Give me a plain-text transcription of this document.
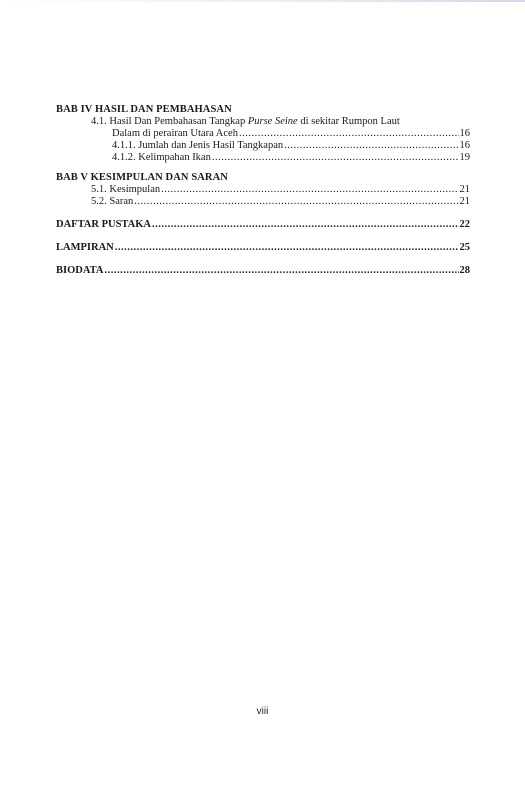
BAB IV HASIL DAN PEMBAHASAN
4.1. Hasil Dan Pembahasan Tangkap Purse Seine di sekitar Rumpon Laut
Dalam di perairan Utara Aceh .....	16
4.1.1. Jumlah dan Jenis Hasil Tangkapan .....	16
4.1.2. Kelimpahan Ikan .....	19
BAB V KESIMPULAN DAN SARAN
5.1. Kesimpulan .....	21
5.2. Saran .....	21
DAFTAR PUSTAKA .....	22
LAMPIRAN .....	25
BIODATA .....	28
viii
